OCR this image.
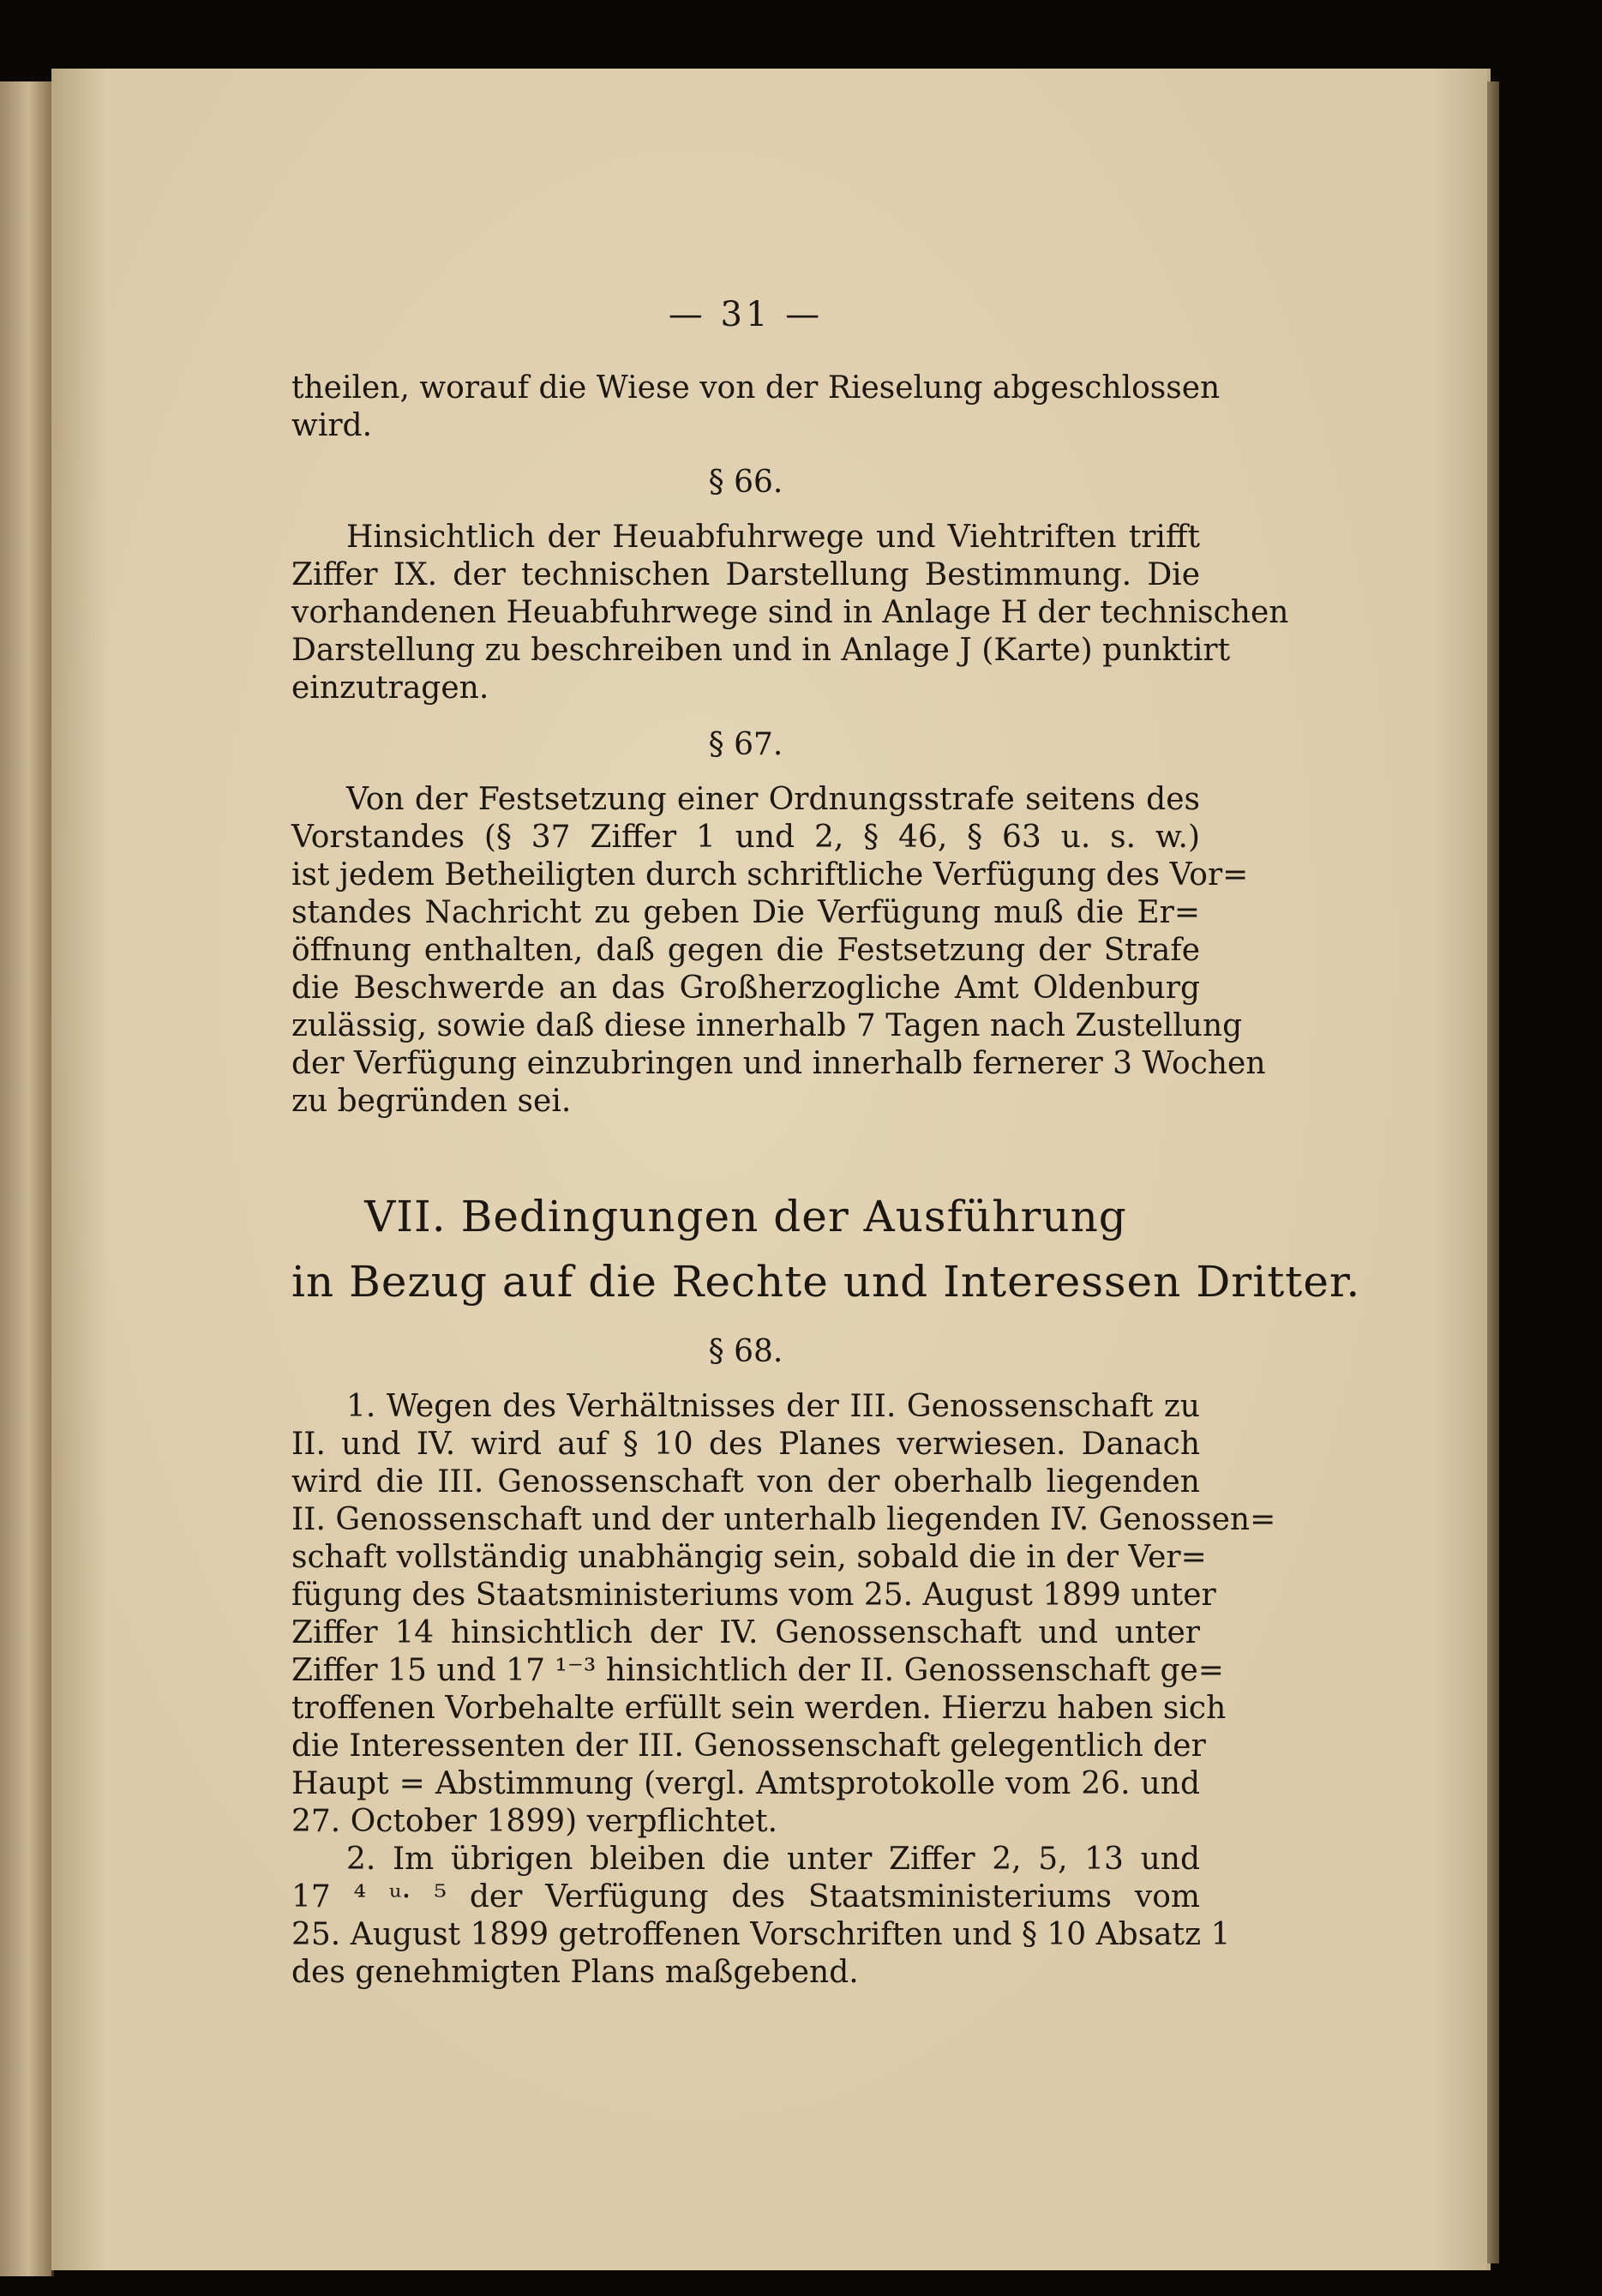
— 31 —

theilen, worauf die Wiese von der Rieselung abgeschlossen
wird.

§ 66.

Hinsichtlich der Heuabfuhrwege und Viehtriften trifft
Ziffer IX. der technischen Darstellung Bestimmung. Die
vorhandenen Heuabfuhrwege sind in Anlage H der technischen
Darstellung zu beschreiben und in Anlage J (Karte) punktirt
einzutragen.

§ 67.

Von der Festsetzung einer Ordnungsstrafe seitens des
Vorstandes (§ 37 Ziffer 1 und 2, § 46, § 63 u. s. w.)
ist jedem Betheiligten durch schriftliche Verfügung des Vor=
standes Nachricht zu geben Die Verfügung muß die Er=
öffnung enthalten, daß gegen die Festsetzung der Strafe
die Beschwerde an das Großherzogliche Amt Oldenburg
zulässig, sowie daß diese innerhalb 7 Tagen nach Zustellung
der Verfügung einzubringen und innerhalb fernerer 3 Wochen
zu begründen sei.

VII. Bedingungen der Ausführung
in Bezug auf die Rechte und Interessen Dritter.
§ 68.

1. Wegen des Verhältnisses der III. Genossenschaft zu
II. und IV. wird auf § 10 des Planes verwiesen. Danach
wird die III. Genossenschaft von der oberhalb liegenden
II. Genossenschaft und der unterhalb liegenden IV. Genossen=
schaft vollständig unabhängig sein, sobald die in der Ver=
fügung des Staatsministeriums vom 25. August 1899 unter
Ziffer 14 hinsichtlich der IV. Genossenschaft und unter
Ziffer 15 und 17 ¹⁻³ hinsichtlich der II. Genossenschaft ge=
troffenen Vorbehalte erfüllt sein werden. Hierzu haben sich
die Interessenten der III. Genossenschaft gelegentlich der
Haupt = Abstimmung (vergl. Amtsprotokolle vom 26. und
27. October 1899) verpflichtet.

2. Im übrigen bleiben die unter Ziffer 2, 5, 13 und
17 ⁴ ᵘ· ⁵ der Verfügung des Staatsministeriums vom
25. August 1899 getroffenen Vorschriften und § 10 Absatz 1
des genehmigten Plans maßgebend.
